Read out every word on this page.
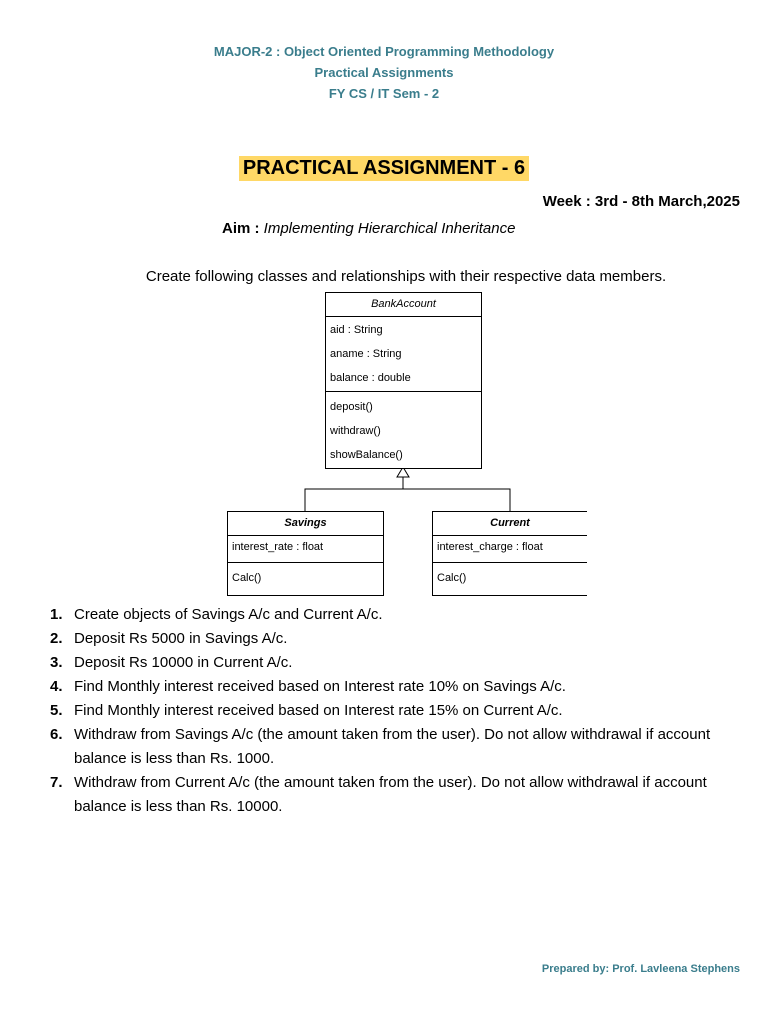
MAJOR-2 : Object Oriented Programming Methodology
Practical Assignments
FY CS / IT Sem - 2
PRACTICAL ASSIGNMENT - 6
Week : 3rd - 8th March,2025
Aim : Implementing Hierarchical Inheritance
Create following classes and relationships with their respective data members.
BankAccount
aid : String
aname : String
balance : double
deposit()
withdraw()
showBalance()
Savings
interest_rate : float
Calc()
Current
interest_charge : float
Calc()
1. Create objects of Savings A/c and Current A/c.
2. Deposit Rs 5000 in Savings A/c.
3. Deposit Rs 10000 in Current A/c.
4. Find Monthly interest received based on Interest rate 10% on Savings A/c.
5. Find Monthly interest received based on Interest rate 15% on Current A/c.
6. Withdraw from Savings A/c (the amount taken from the user). Do not allow withdrawal if account balance is less than Rs. 1000.
7. Withdraw from Current A/c (the amount taken from the user). Do not allow withdrawal if account balance is less than Rs. 10000.
Prepared by: Prof. Lavleena Stephens
